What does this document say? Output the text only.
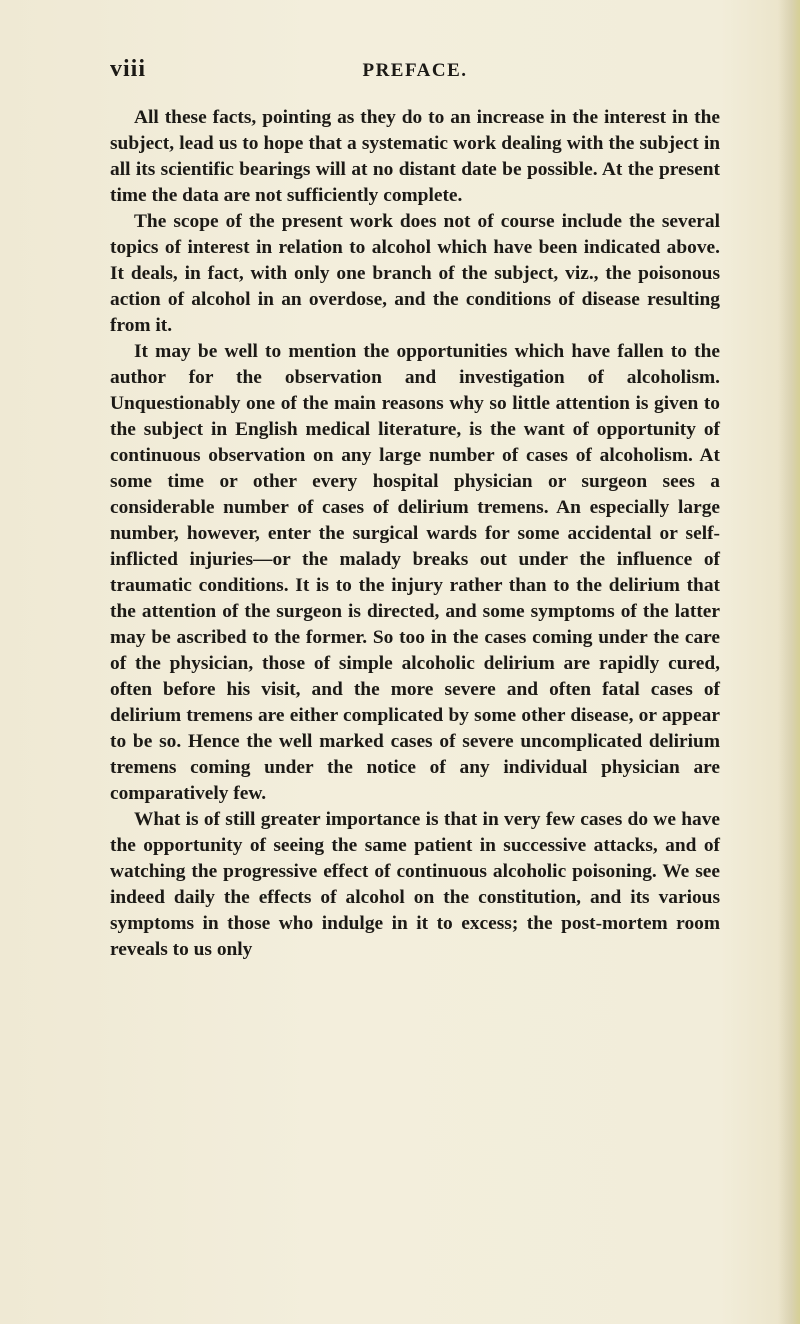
viii	PREFACE.

All these facts, pointing as they do to an increase in the interest in the subject, lead us to hope that a systematic work dealing with the subject in all its scientific bearings will at no distant date be possible. At the present time the data are not sufficiently complete.

The scope of the present work does not of course include the several topics of interest in relation to alcohol which have been indicated above. It deals, in fact, with only one branch of the subject, viz., the poisonous action of alcohol in an overdose, and the conditions of disease resulting from it.

It may be well to mention the opportunities which have fallen to the author for the observation and investigation of alcoholism. Unquestionably one of the main reasons why so little attention is given to the subject in English medical literature, is the want of opportunity of continuous observation on any large number of cases of alcoholism. At some time or other every hospital physician or surgeon sees a considerable number of cases of delirium tremens. An especially large number, however, enter the surgical wards for some accidental or self-inflicted injuries—or the malady breaks out under the influence of traumatic conditions. It is to the injury rather than to the delirium that the attention of the surgeon is directed, and some symptoms of the latter may be ascribed to the former. So too in the cases coming under the care of the physician, those of simple alcoholic delirium are rapidly cured, often before his visit, and the more severe and often fatal cases of delirium tremens are either complicated by some other disease, or appear to be so. Hence the well marked cases of severe uncomplicated delirium tremens coming under the notice of any individual physician are comparatively few.

What is of still greater importance is that in very few cases do we have the opportunity of seeing the same patient in successive attacks, and of watching the progressive effect of continuous alcoholic poisoning. We see indeed daily the effects of alcohol on the constitution, and its various symptoms in those who indulge in it to excess; the post-mortem room reveals to us only
